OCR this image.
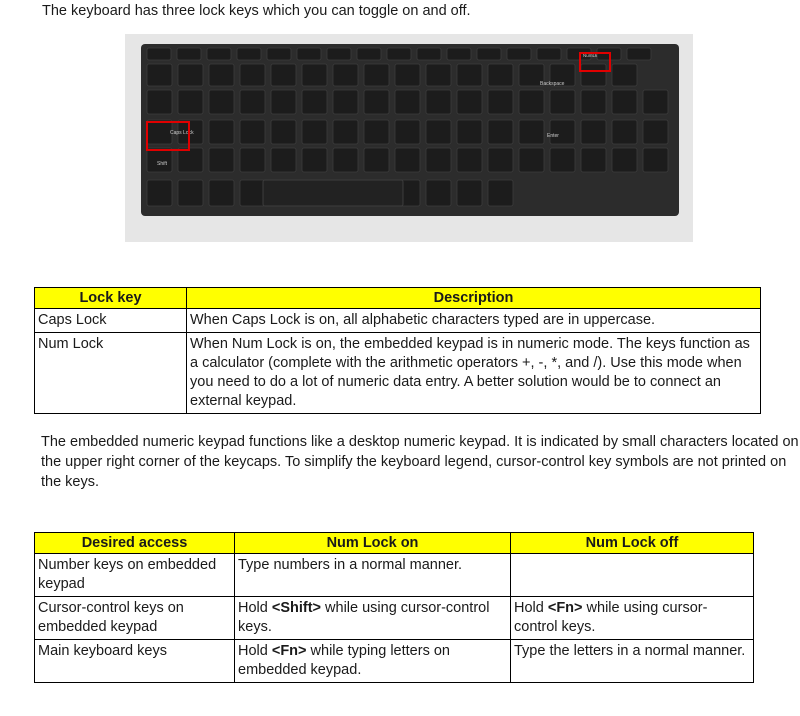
The keyboard has three lock keys which you can toggle on and off.
Caps Lock
NumLk
Shift
Backspace
Enter
Lock key	Description
Caps Lock	When Caps Lock is on, all alphabetic characters typed are in uppercase.
Num Lock	When Num Lock is on, the embedded keypad is in numeric mode. The keys function as a calculator (complete with the arithmetic operators +, -, *, and /). Use this mode when you need to do a lot of numeric data entry. A better solution would be to connect an external keypad.
The embedded numeric keypad functions like a desktop numeric keypad. It is indicated by small characters located on the upper right corner of the keycaps. To simplify the keyboard legend, cursor-control key symbols are not printed on the keys.
Desired access	Num Lock on	Num Lock off
Number keys on embedded keypad	Type numbers in a normal manner.	
Cursor-control keys on embedded keypad	Hold <Shift> while using cursor-control keys.	Hold <Fn> while using cursor-control keys.
Main keyboard keys	Hold <Fn> while typing letters on embedded keypad.	Type the letters in a normal manner.
